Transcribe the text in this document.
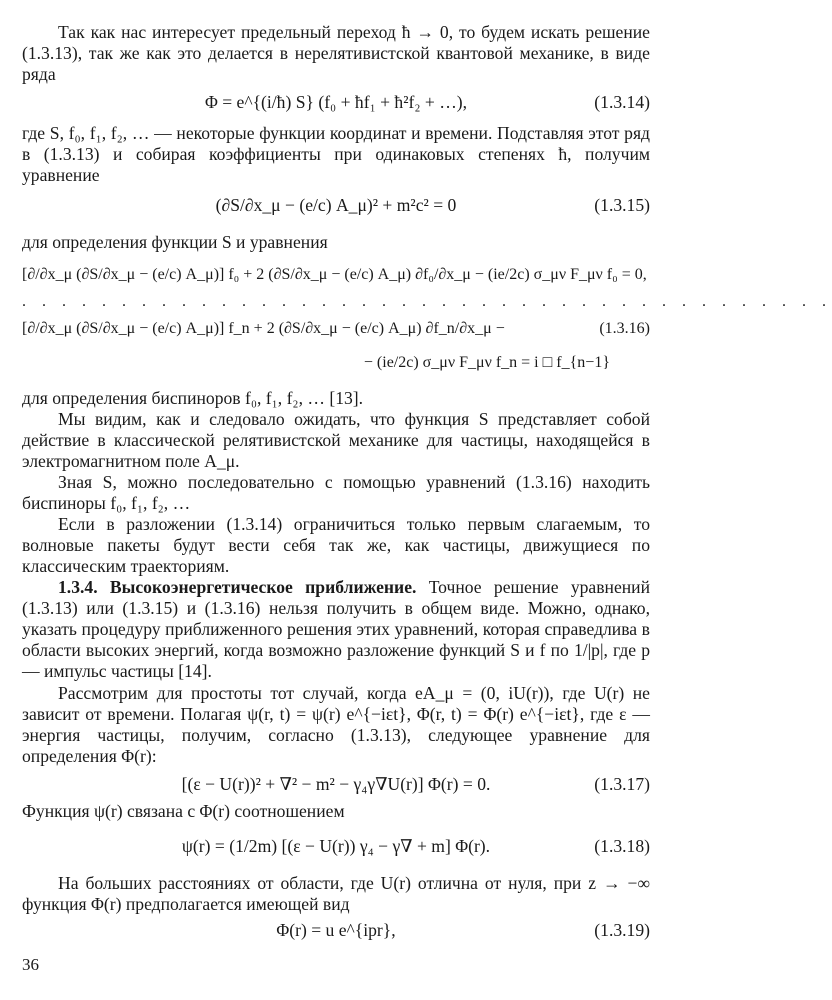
Так как нас интересует предельный переход ħ → 0, то будем искать решение (1.3.13), так же как это делается в нерелятивистской квантовой механике, в виде ряда

Φ = e^{(i/ħ) S} (f₀ + ħf₁ + ħ²f₂ + …),	(1.3.14)

где S, f₀, f₁, f₂, … — некоторые функции координат и времени. Подставляя этот ряд в (1.3.13) и собирая коэффициенты при одинаковых степенях ħ, получим уравнение

(∂S/∂x_μ − (e/c) A_μ)² + m²c² = 0	(1.3.15)

для определения функции S и уравнения

[∂/∂x_μ (∂S/∂x_μ − (e/c) A_μ)] f₀ + 2 (∂S/∂x_μ − (e/c) A_μ) ∂f₀/∂x_μ − (ie/2c) σ_μν F_μν f₀ = 0,
. . . . . . . . . . . . . . . . . . . . . . . . . . . . . . . . . . . . . . . . .
[∂/∂x_μ (∂S/∂x_μ − (e/c) A_μ)] f_n + 2 (∂S/∂x_μ − (e/c) A_μ) ∂f_n/∂x_μ −	(1.3.16)
− (ie/2c) σ_μν F_μν f_n = i □ f_{n−1}

для определения биспиноров f₀, f₁, f₂, … [13].

Мы видим, как и следовало ожидать, что функция S представляет собой действие в классической релятивистской механике для частицы, находящейся в электромагнитном поле A_μ.

Зная S, можно последовательно с помощью уравнений (1.3.16) находить биспиноры f₀, f₁, f₂, …

Если в разложении (1.3.14) ограничиться только первым слагаемым, то волновые пакеты будут вести себя так же, как частицы, движущиеся по классическим траекториям.

1.3.4. Высокоэнергетическое приближение. Точное решение уравнений (1.3.13) или (1.3.15) и (1.3.16) нельзя получить в общем виде. Можно, однако, указать процедуру приближенного решения этих уравнений, которая справедлива в области высоких энергий, когда возможно разложение функций S и f по 1/|p|, где p — импульс частицы [14].

Рассмотрим для простоты тот случай, когда eA_μ = (0, iU(r)), где U(r) не зависит от времени. Полагая ψ(r, t) = ψ(r) e^{−iεt}, Φ(r, t) = Φ(r) e^{−iεt}, где ε — энергия частицы, получим, согласно (1.3.13), следующее уравнение для определения Φ(r):

[(ε − U(r))² + ∇² − m² − γ₄γ∇U(r)] Φ(r) = 0.	(1.3.17)

Функция ψ(r) связана с Φ(r) соотношением

ψ(r) = (1/2m) [(ε − U(r)) γ₄ − γ∇ + m] Φ(r).	(1.3.18)

На больших расстояниях от области, где U(r) отлична от нуля, при z → −∞ функция Φ(r) предполагается имеющей вид

Φ(r) = u e^{ipr},	(1.3.19)
36
